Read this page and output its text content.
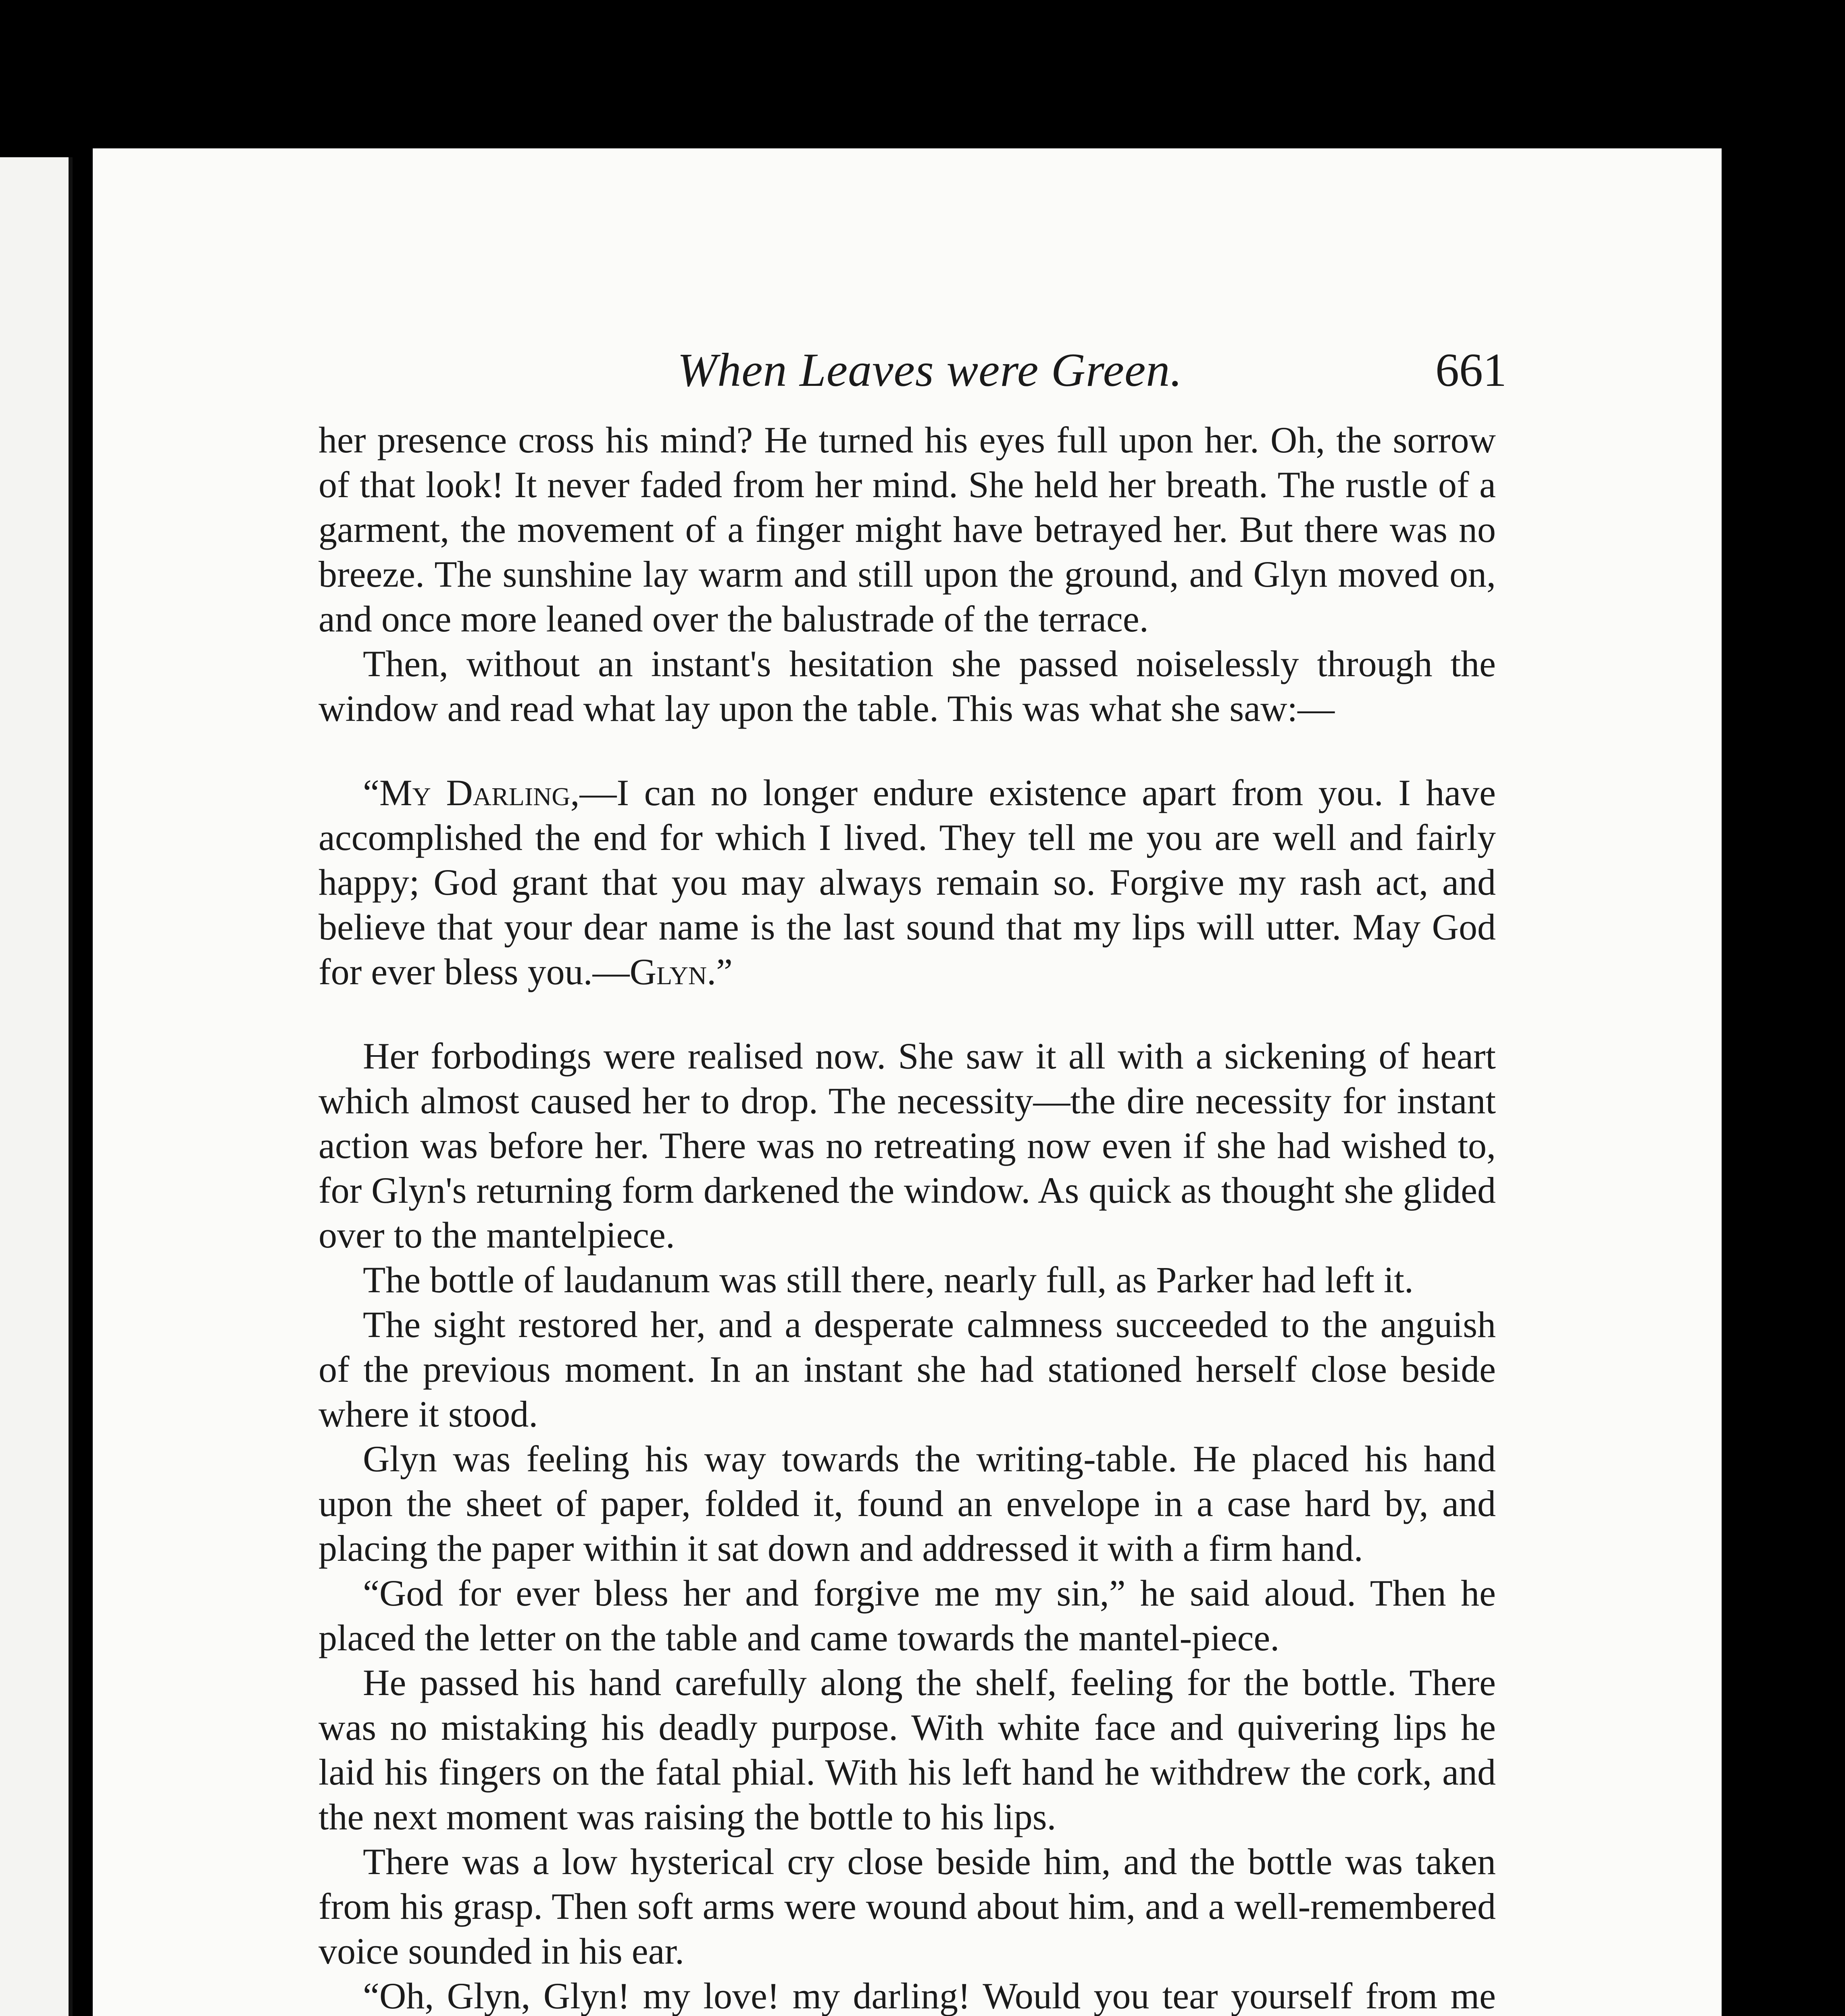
When Leaves were Green.	661

her presence cross his mind? He turned his eyes full upon her. Oh, the sorrow of that look! It never faded from her mind. She held her breath. The rustle of a garment, the movement of a finger might have betrayed her. But there was no breeze. The sunshine lay warm and still upon the ground, and Glyn moved on, and once more leaned over the balustrade of the terrace.

Then, without an instant's hesitation she passed noiselessly through the window and read what lay upon the table. This was what she saw:—

“My Darling,—I can no longer endure existence apart from you. I have accomplished the end for which I lived. They tell me you are well and fairly happy; God grant that you may always remain so. Forgive my rash act, and believe that your dear name is the last sound that my lips will utter. May God for ever bless you.—Glyn.”

Her forbodings were realised now. She saw it all with a sickening of heart which almost caused her to drop. The necessity—the dire necessity for instant action was before her. There was no retreating now even if she had wished to, for Glyn's returning form darkened the window. As quick as thought she glided over to the mantelpiece.

The bottle of laudanum was still there, nearly full, as Parker had left it.

The sight restored her, and a desperate calmness succeeded to the anguish of the previous moment. In an instant she had stationed herself close beside where it stood.

Glyn was feeling his way towards the writing-table. He placed his hand upon the sheet of paper, folded it, found an envelope in a case hard by, and placing the paper within it sat down and addressed it with a firm hand.

“God for ever bless her and forgive me my sin,” he said aloud. Then he placed the letter on the table and came towards the mantel-piece.

He passed his hand carefully along the shelf, feeling for the bottle. There was no mistaking his deadly purpose. With white face and quivering lips he laid his fingers on the fatal phial. With his left hand he withdrew the cork, and the next moment was raising the bottle to his lips.

There was a low hysterical cry close beside him, and the bottle was taken from his grasp. Then soft arms were wound about him, and a well-remembered voice sounded in his ear.

“Oh, Glyn, Glyn! my love! my darling! Would you tear yourself from me
